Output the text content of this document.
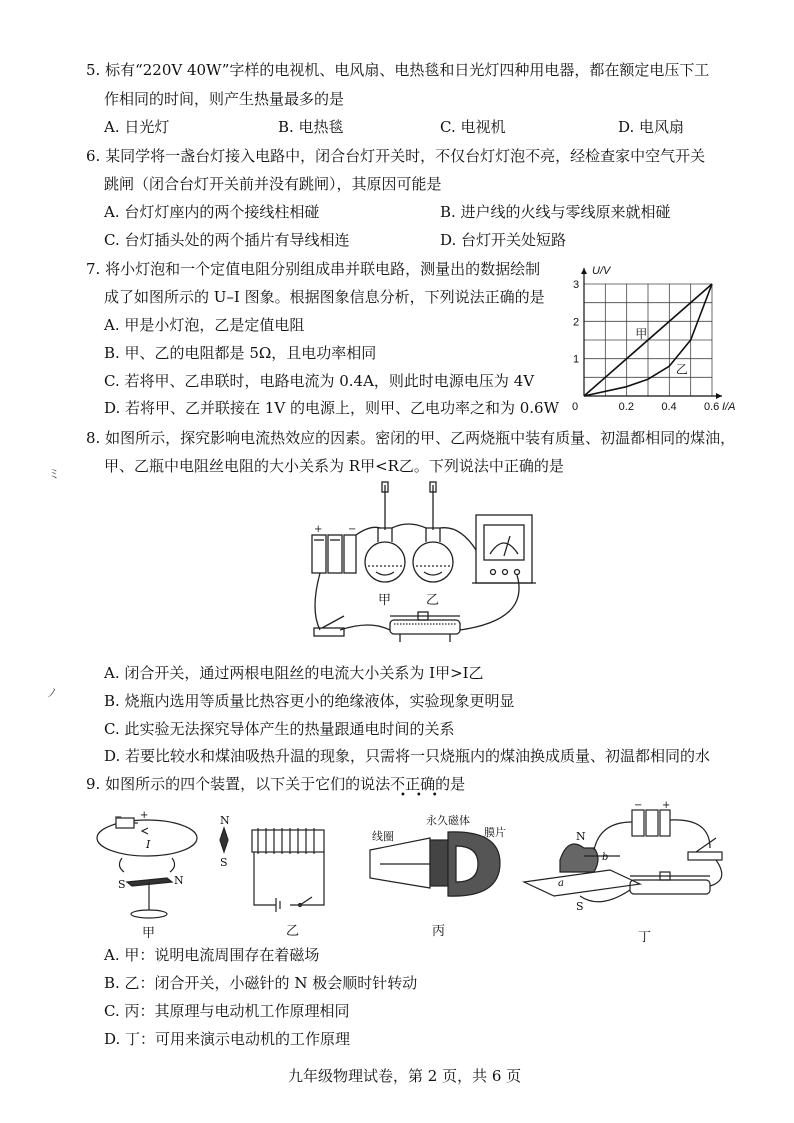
5. 标有“220V 40W”字样的电视机、电风扇、电热毯和日光灯四种用电器，都在额定电压下工
作相同的时间，则产生热量最多的是
A. 日光灯	B. 电热毯	C. 电视机	D. 电风扇
6. 某同学将一盏台灯接入电路中，闭合台灯开关时，不仅台灯灯泡不亮，经检查家中空气开关
跳闸（闭合台灯开关前并没有跳闸），其原因可能是
A. 台灯灯座内的两个接线柱相碰	B. 进户线的火线与零线原来就相碰
C. 台灯插头处的两个插片有导线相连	D. 台灯开关处短路
7. 将小灯泡和一个定值电阻分别组成串并联电路，测量出的数据绘制
成了如图所示的 U–I 图象。根据图象信息分析，下列说法正确的是
A. 甲是小灯泡，乙是定值电阻
B. 甲、乙的电阻都是 5Ω，且电功率相同
C. 若将甲、乙串联时，电路电流为 0.4A，则此时电源电压为 4V
D. 若将甲、乙并联接在 1V 的电源上，则甲、乙电功率之和为 0.6W 0	0.2 0.4 0.6
1
2
3
I/A
U/V
甲
乙
8. 如图所示，探究影响电流热效应的因素。密闭的甲、乙两烧瓶中装有质量、初温都相同的煤油，
甲、乙瓶中电阻丝电阻的大小关系为 R甲<R乙。下列说法中正确的是
+	−
甲	乙
A. 闭合开关，通过两根电阻丝的电流大小关系为 I甲>I乙
B. 烧瓶内选用等质量比热容更小的绝缘液体，实验现象更明显
C. 此实验无法探究导体产生的热量跟通电时间的关系
D. 若要比较水和煤油吸热升温的现象，只需将一只烧瓶内的煤油换成质量、初温都相同的水
9. 如图所示的四个装置，以下关于它们的说法不正确的是
•••
− +
I
S	N
甲
N
S
乙
永久磁体
线圈	膜片
丙
− +
N
S
a
b
丁
A. 甲：说明电流周围存在着磁场
B. 乙：闭合开关，小磁针的 N 极会顺时针转动
C. 丙：其原理与电动机工作原理相同
D. 丁：可用来演示电动机的工作原理
九年级物理试卷，第 2 页，共 6 页
ミ
ノ
